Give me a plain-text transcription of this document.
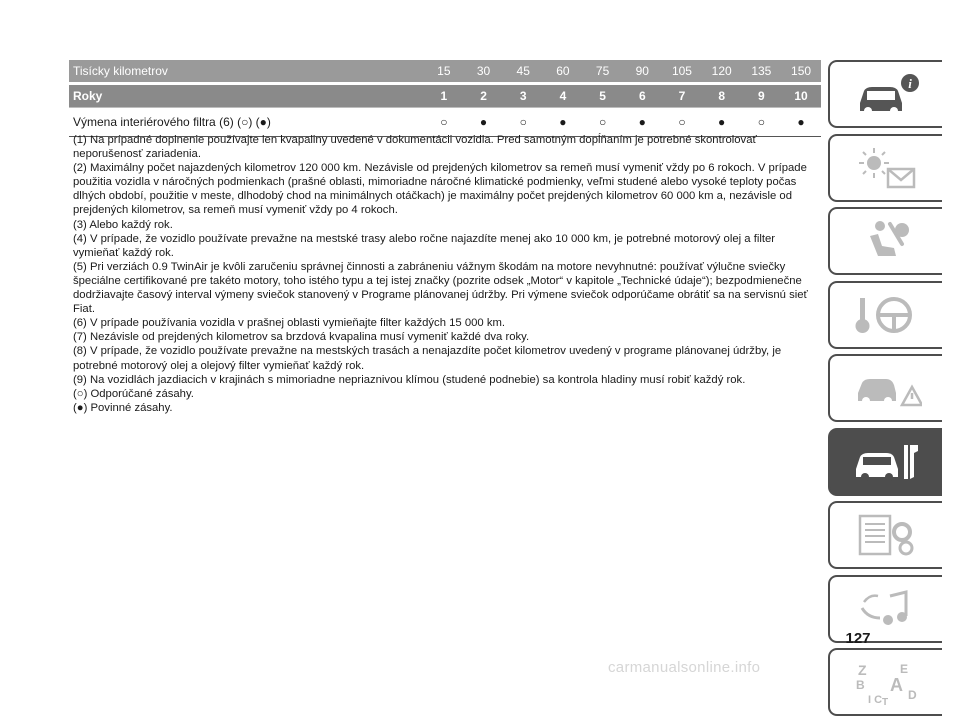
Tisícky kilometrov	15	30	45	60	75	90	105	120	135	150
Roky	1	2	3	4	5	6	7	8	9	10
Výmena interiérového filtra (6) (○) (●)	○	●	○	●	○	●	○	●	○	●

(1) Na prípadné doplnenie používajte len kvapaliny uvedené v dokumentácii vozidla. Pred samotným dopĺňaním je potrebné skontrolovať neporušenosť zariadenia.

(2) Maximálny počet najazdených kilometrov 120 000 km. Nezávisle od prejdených kilometrov sa remeň musí vymeniť vždy po 6 rokoch. V prípade použitia vozidla v náročných podmienkach (prašné oblasti, mimoriadne náročné klimatické podmienky, veľmi studené alebo vysoké teploty počas dlhých období, použitie v meste, dlhodobý chod na minimálnych otáčkach) je maximálny počet prejdených kilometrov 60 000 km a, nezávisle od prejdených kilometrov, sa remeň musí vymeniť vždy po 4 rokoch.

(3) Alebo každý rok.

(4) V prípade, že vozidlo používate prevažne na mestské trasy alebo ročne najazdíte menej ako 10 000 km, je potrebné motorový olej a filter vymieňať každý rok.

(5) Pri verziách 0.9 TwinAir je kvôli zaručeniu správnej činnosti a zabráneniu vážnym škodám na motore nevyhnutné: používať výlučne sviečky špeciálne certifikované pre takéto motory, toho istého typu a tej istej značky (pozrite odsek „Motor“ v kapitole „Technické údaje“); bezpodmienečne dodržiavajte časový interval výmeny sviečok stanovený v Programe plánovanej údržby. Pri výmene sviečok odporúčame obrátiť sa na servisnú sieť Fiat.

(6) V prípade používania vozidla v prašnej oblasti vymieňajte filter každých 15 000 km.

(7) Nezávisle od prejdených kilometrov sa brzdová kvapalina musí vymeniť každé dva roky.

(8) V prípade, že vozidlo používate prevažne na mestských trasách a nenajazdíte počet kilometrov uvedený v programe plánovanej údržby, je potrebné motorový olej a olejový filter vymieňať každý rok.

(9) Na vozidlách jazdiacich v krajinách s mimoriadne nepriaznivou klímou (studené podnebie) sa kontrola hladiny musí robiť každý rok.

(○) Odporúčané zásahy.

(●) Povinné zásahy.

i
Z	E
B A
I C D
T
127
carmanualsonline.info
